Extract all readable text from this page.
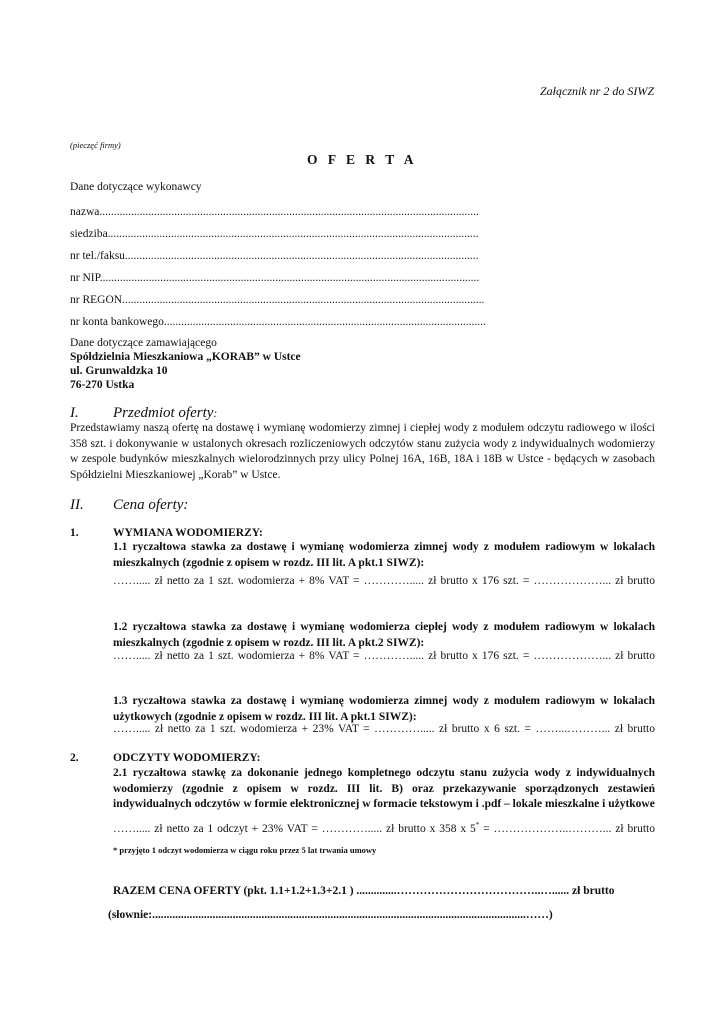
Załącznik nr 2 do SIWZ
(pieczęć firmy)
O F E R T A
Dane dotyczące wykonawcy
nazwa....................................................................................................................................
siedziba.................................................................................................................................
nr tel./faksu...........................................................................................................................
nr NIP....................................................................................................................................
nr REGON..............................................................................................................................
nr konta bankowego................................................................................................................
Dane dotyczące zamawiającego
Spółdzielnia Mieszkaniowa „KORAB” w Ustce
ul. Grunwaldzka 10
76-270 Ustka
I. Przedmiot oferty:
Przedstawiamy naszą ofertę na dostawę i wymianę wodomierzy zimnej i ciepłej wody z modułem odczytu radiowego w ilości 358 szt. i dokonywanie w ustalonych okresach rozliczeniowych odczytów stanu zużycia wody z indywidualnych wodomierzy w zespole budynków mieszkalnych wielorodzinnych przy ulicy Polnej 16A, 16B, 18A i 18B w Ustce - będących w zasobach Spółdzielni Mieszkaniowej „Korab” w Ustce.
II. Cena oferty:
1.	WYMIANA WODOMIERZY:
1.1 ryczałtowa stawka za dostawę i wymianę wodomierza zimnej wody z modułem radiowym w lokalach mieszkalnych (zgodnie z opisem w rozdz. III lit. A pkt.1 SIWZ):
……..... zł netto za 1 szt. wodomierza + 8% VAT = …………..... zł brutto x 176 szt. = ………………... zł brutto
1.2 ryczałtowa stawka za dostawę i wymianę wodomierza ciepłej wody z modułem radiowym w lokalach mieszkalnych (zgodnie z opisem w rozdz. III lit. A pkt.2 SIWZ):
……..... zł netto za 1 szt. wodomierza + 8% VAT = …………..... zł brutto x 176 szt. = ………………... zł brutto
1.3 ryczałtowa stawka za dostawę i wymianę wodomierza zimnej wody z modułem radiowym w lokalach użytkowych (zgodnie z opisem w rozdz. III lit. A pkt.1 SIWZ):
……..... zł netto za 1 szt. wodomierza + 23% VAT = …………..... zł brutto x 6 szt. = ……...………... zł brutto
2.	ODCZYTY WODOMIERZY:
2.1 ryczałtowa stawkę za dokonanie jednego kompletnego odczytu stanu zużycia wody z indywidualnych wodomierzy (zgodnie z opisem w rozdz. III lit. B) oraz przekazywanie sporządzonych zestawień indywidualnych odczytów w formie elektronicznej w formacie tekstowym i .pdf – lokale mieszkalne i użytkowe
……..... zł netto za 1 odczyt + 23% VAT = …………..... zł brutto x 358 x 5* = ………………..………... zł brutto
* przyjęto 1 odczyt wodomierza w ciągu roku przez 5 lat trwania umowy
RAZEM CENA OFERTY (pkt. 1.1+1.2+1.3+2.1 ) ..............………………………………..…...... zł brutto
(słownie:..................................................................................................................................……)
